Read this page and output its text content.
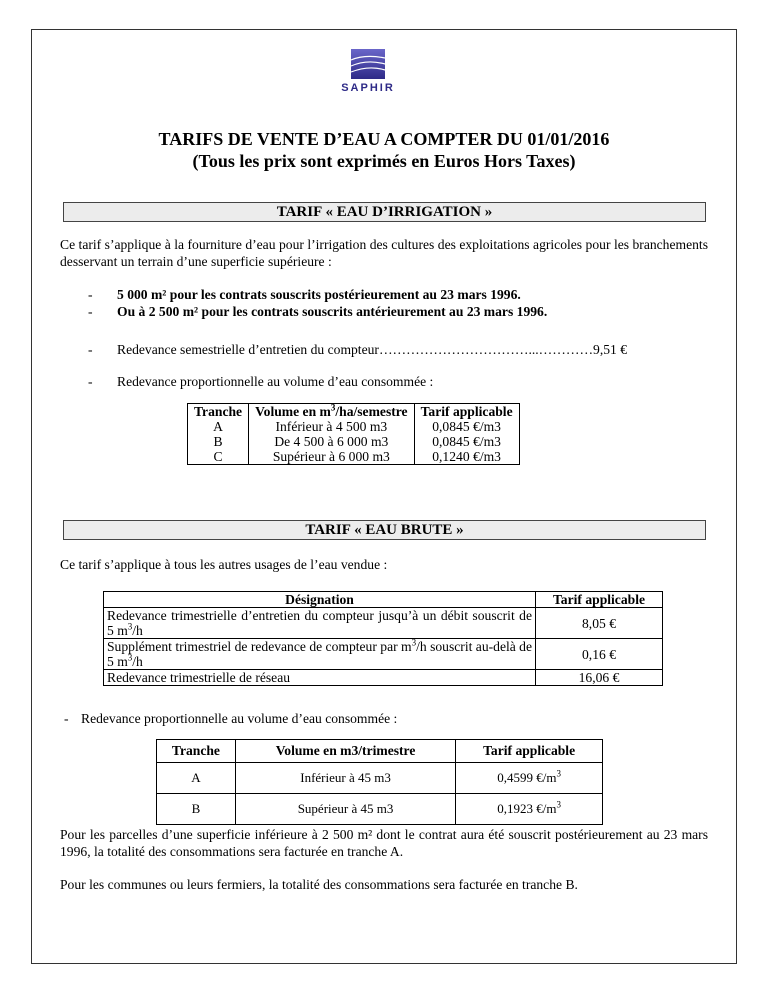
SAPHIR
TARIFS DE VENTE D’EAU A COMPTER DU 01/01/2016
(Tous les prix sont exprimés en Euros Hors Taxes)
TARIF « EAU D’IRRIGATION »
Ce tarif s’applique à la fourniture d’eau pour l’irrigation des cultures des exploitations agricoles pour les branchements desservant un terrain d’une superficie supérieure :
- 5 000 m² pour les contrats souscrits postérieurement au 23 mars 1996.
- Ou à 2 500 m² pour les contrats souscrits antérieurement au 23 mars 1996.
- Redevance semestrielle d’entretien du compteur……………………………...…………9,51 €
- Redevance proportionnelle au volume d’eau consommée :
Tranche	Volume en $m^3/ha$/semestre	Tarif applicable
A	Inférieur à 4 500 m3	0,0845 €/m3
B	De 4 500 à 6 000 m3	0,0845 €/m3
C	Supérieur à 6 000 m3	0,1240 €/m3
TARIF « EAU BRUTE »
Ce tarif s’applique à tous les autres usages de l’eau vendue :
Désignation	Tarif applicable
Redevance trimestrielle d’entretien du compteur jusqu’à un débit souscrit de 5 $m^3/h$	8,05 €
Supplément trimestriel de redevance de compteur par $m^3/h$ souscrit au-delà de 5 $m^3/h$	0,16 €
Redevance trimestrielle de réseau	16,06 €
- Redevance proportionnelle au volume d’eau consommée :
Tranche	Volume en m3/trimestre	Tarif applicable
A	Inférieur à 45 m3	0,4599 $€/m^3$
B	Supérieur à 45 m3	0,1923 $€/m^3$
Pour les parcelles d’une superficie inférieure à 2 500 m² dont le contrat aura été souscrit postérieurement au 23 mars 1996, la totalité des consommations sera facturée en tranche A.
Pour les communes ou leurs fermiers, la totalité des consommations sera facturée en tranche B.
